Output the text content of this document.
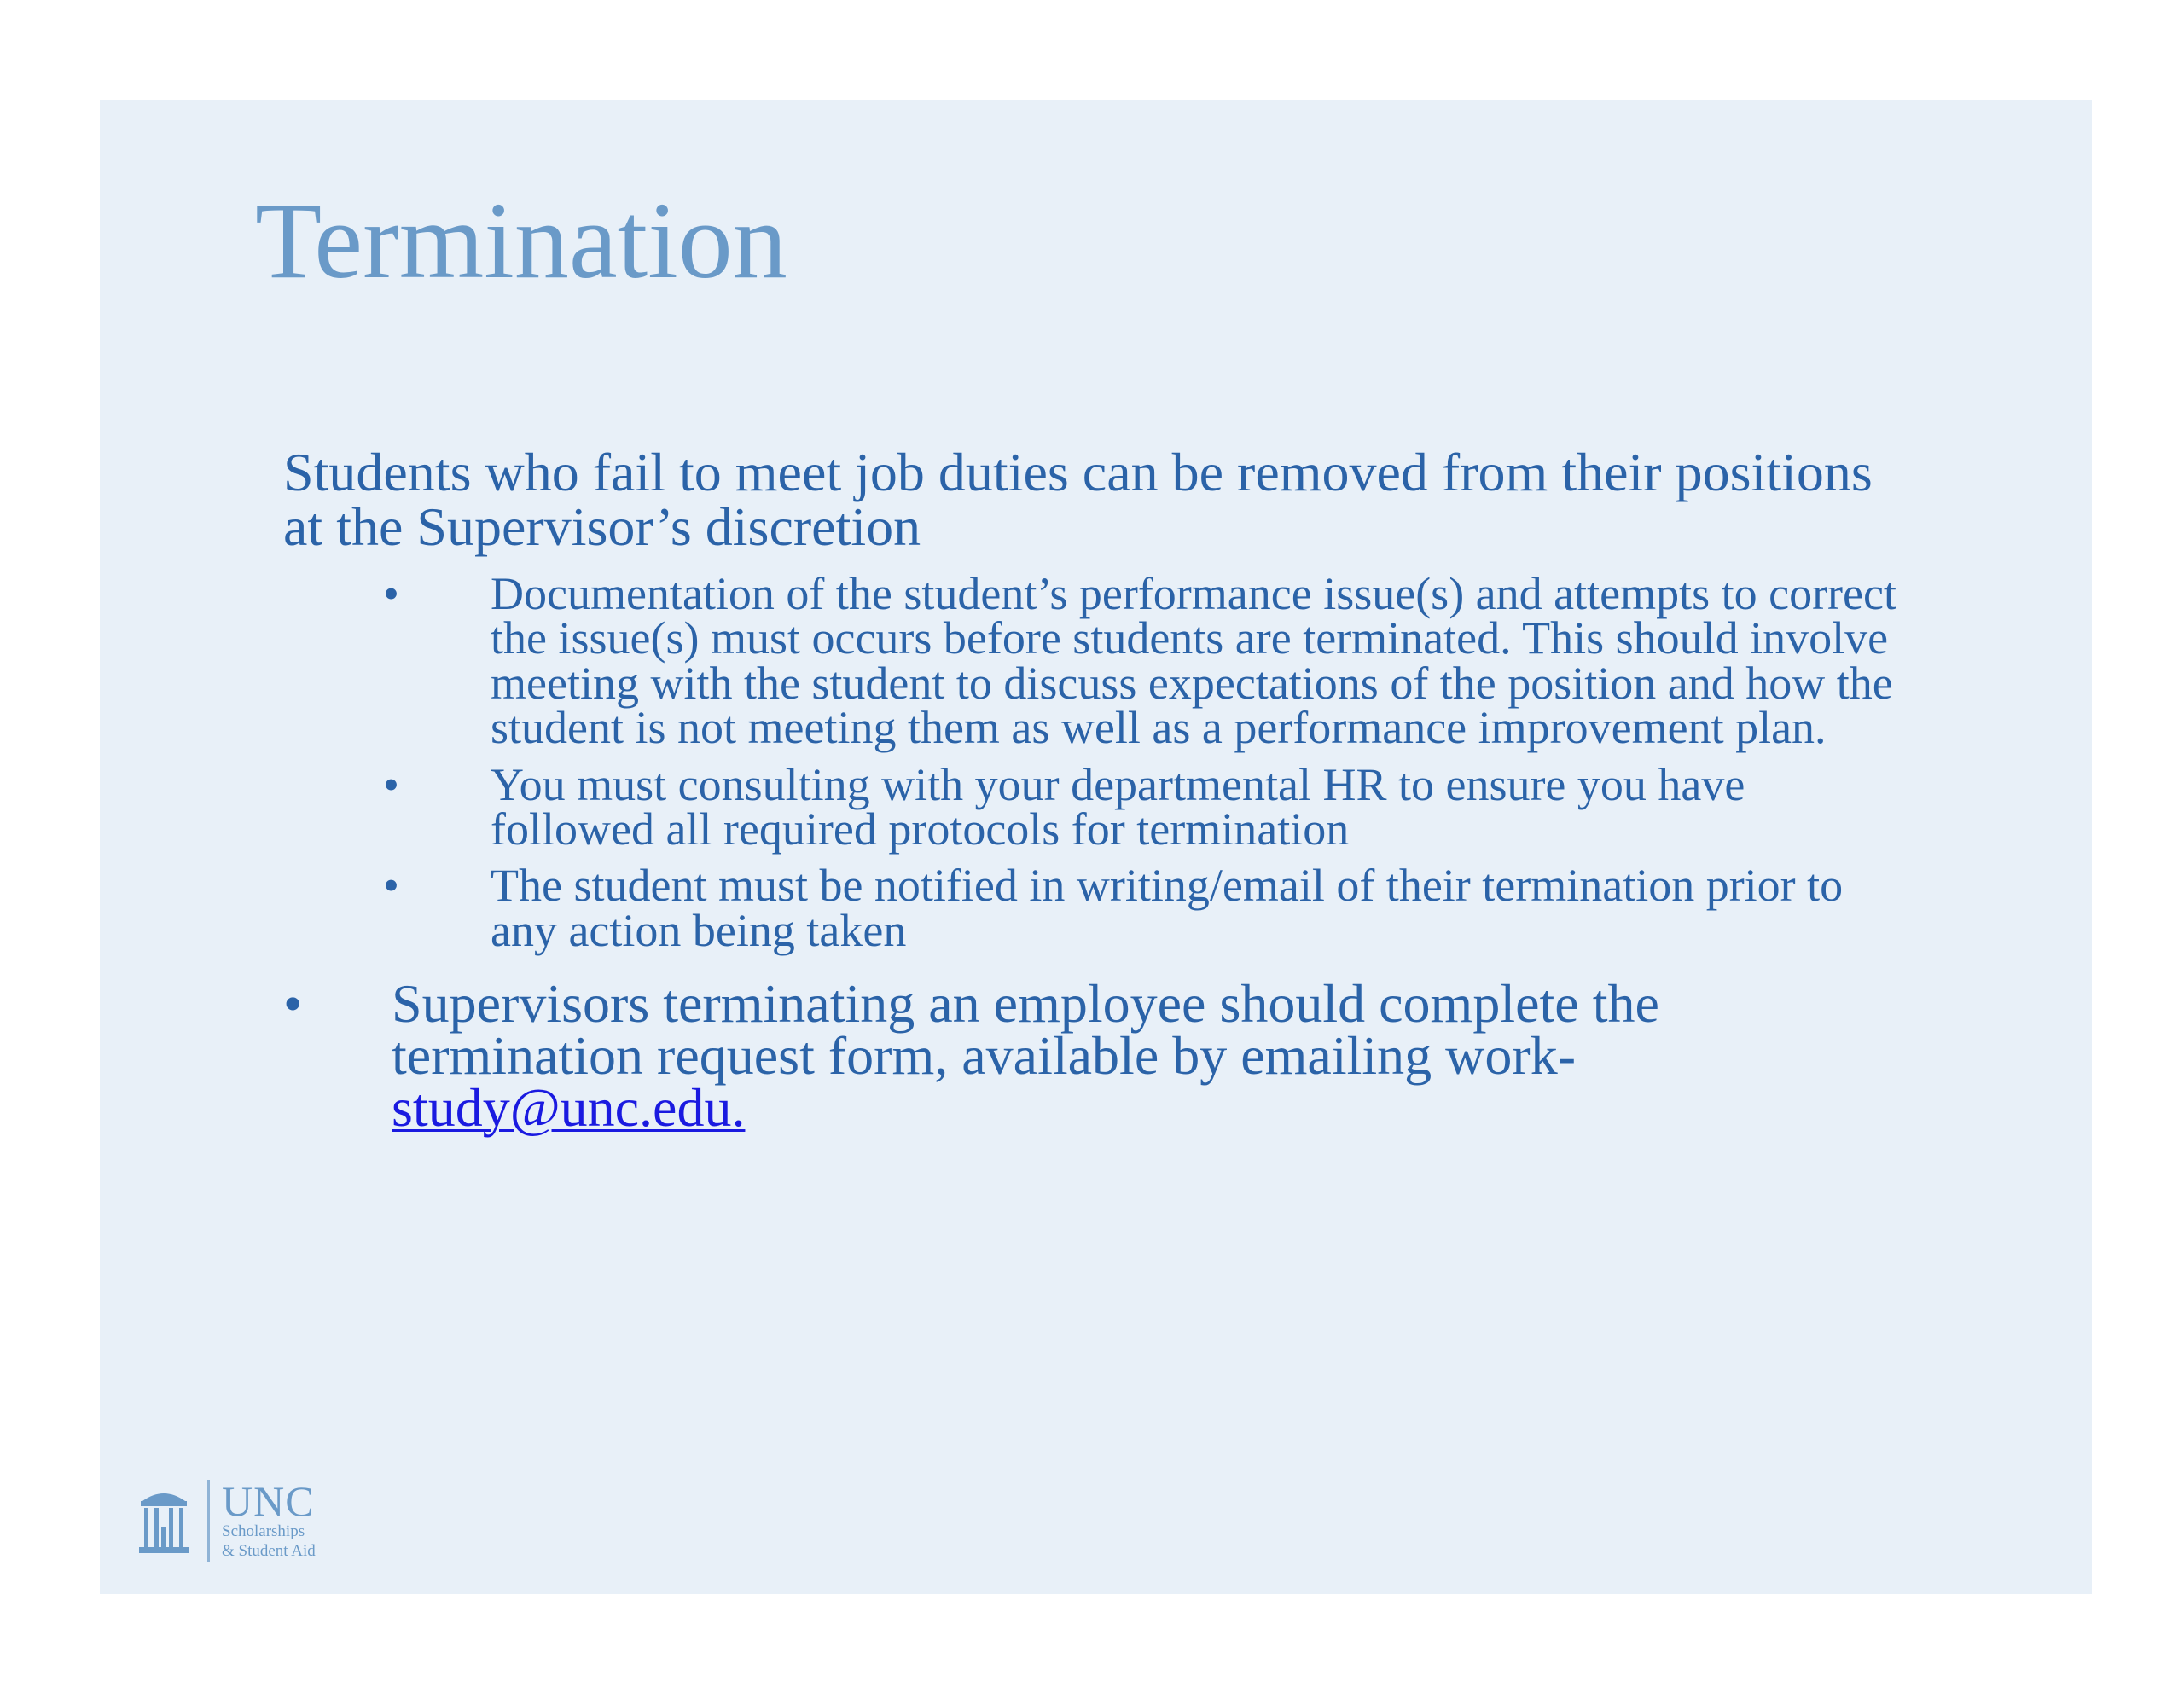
Termination

Students who fail to meet job duties can be removed from their positions at the Supervisor’s discretion

• Documentation of the student’s performance issue(s) and attempts to correct the issue(s) must occurs before students are terminated. This should involve meeting with the student to discuss expectations of the position and how the student is not meeting them as well as a performance improvement plan.
• You must consulting with your departmental HR to ensure you have followed all required protocols for termination
• The student must be notified in writing/email of their termination prior to any action being taken
• Supervisors terminating an employee should complete the termination request form, available by emailing work-
study@unc.edu.
UNC
Scholarships
& Student Aid
